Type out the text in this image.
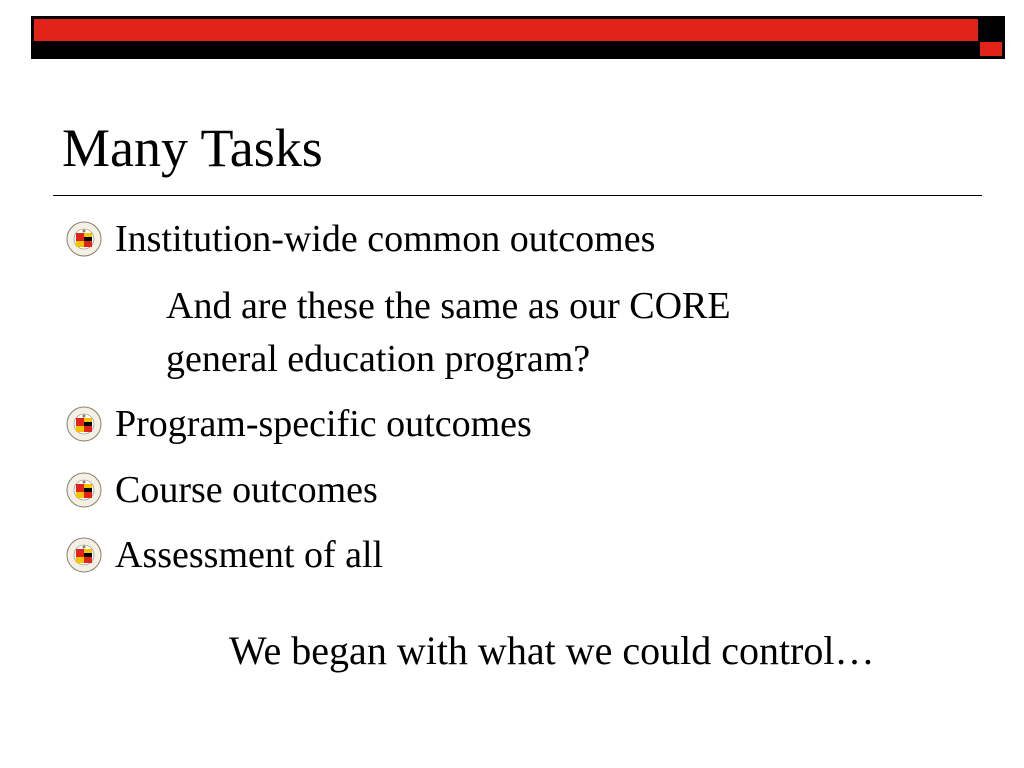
Many Tasks
Institution-wide common outcomes
And are these the same as our CORE
general education program?
Program-specific outcomes
Course outcomes
Assessment of all
We began with what we could control…
